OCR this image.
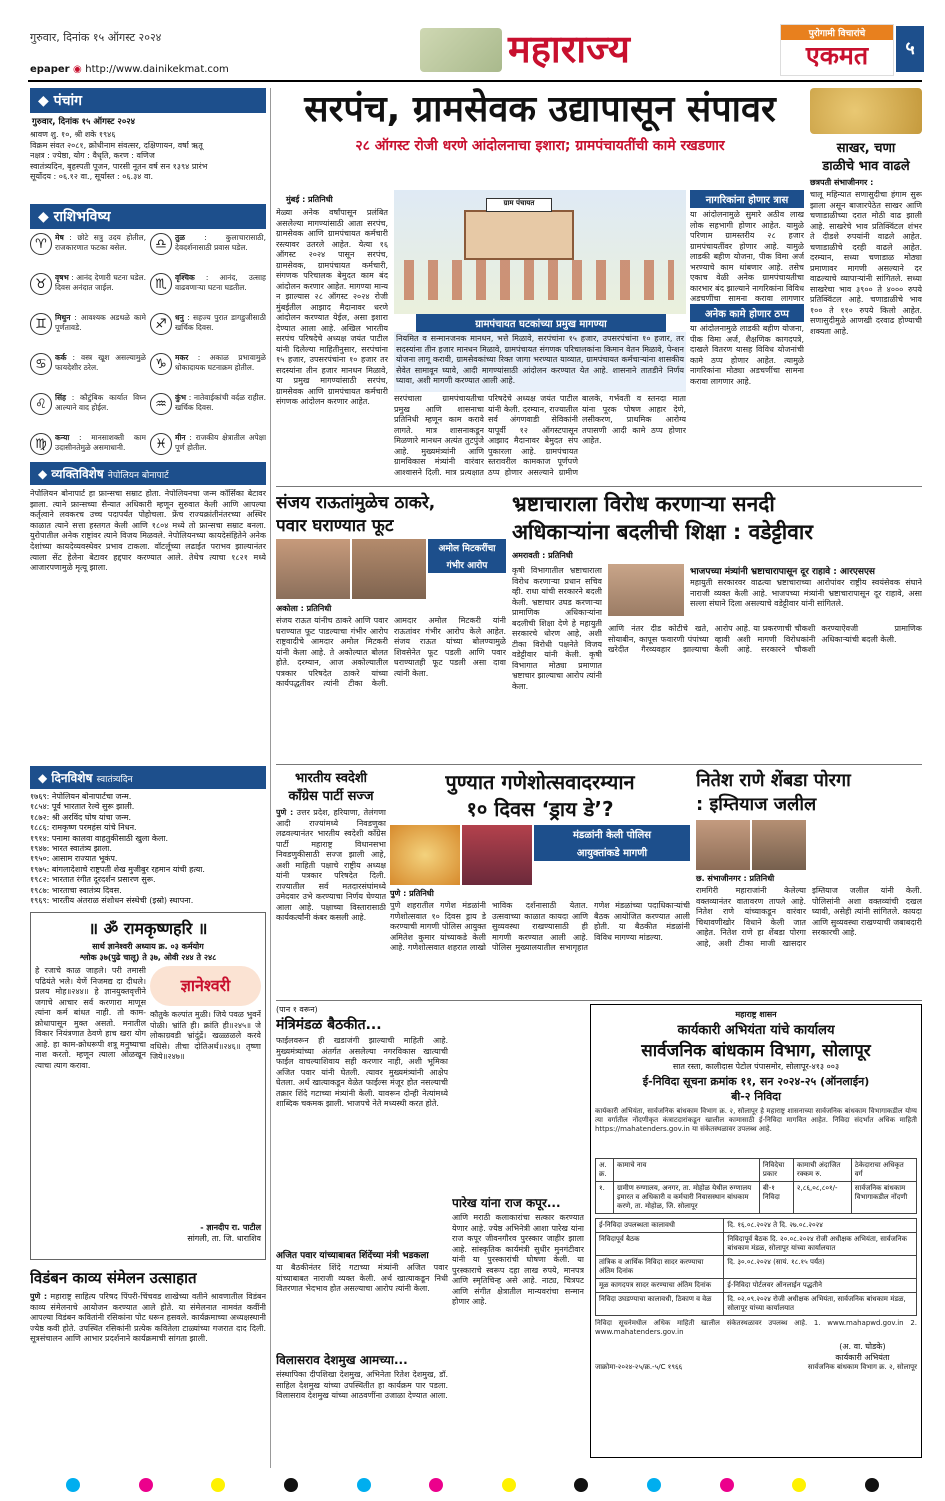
गुरुवार, दिनांक १५ ऑगस्ट २०२४
epaper ◉ http://www.dainikekmat.com	महाराज्य	पुरोगामी विचारांचे
एकमत	५
◆ पंचांग
गुरुवार, दिनांक १५ ऑगस्ट २०२४
श्रावण शु. १०, श्री शके १९४६
विक्रम संवत २०८१, क्रोधीनाम संवत्सर, दक्षिणायन, वर्षा ऋतू
नक्षत्र : ज्येष्ठा, योग : वैधृति, करण : वणिज
स्वातंत्र्यदिन, बृहस्पती पूजन, पारसी नूतन वर्ष सन १३९४ प्रारंभ
सूर्योदय : ०६.१२ वा., सूर्यास्त : ०६.३४ वा.
◆ राशिभविष्य
♈	मेष : छोटे सत्रु उदय होतील, राजकारणात फटका बसेल.	♎	तुळ : कुलाचारासाठी, देवदर्शनासाठी प्रवास घडेल.
♉	वृषभ : आनंद देणारी घटना घडेल. दिवस अनंदात जाईल.	♏	वृश्चिक : आनंद, उत्साह वाढवणाऱ्या घटना घडतील.
♊	मिथुन : आवश्यक अडथळे कामे पूर्णतावडे.	♐	धनु : सहज्य पुरात डागडुजीसाठी खर्चिक दिवस.
♋	कर्क : वस्त्र खूश असल्यामुळे फायदेशीर ठरेल.	♑	मकर : अकाळ प्रभावामुळे धोकादायक घटनाक्रम होतील.
♌	सिंह : कौटुंबिक कार्यात विघ्न आल्याने वाद होईल.	♒	कुंभ : नातेवाईकांची वर्दळ राहील. खर्चिक दिवस.
♍	कन्या : मानसाशक्ती काम उदासीनतेमुळे असमाधानी.	♓	मीन : राजकीय क्षेत्रातील अपेक्षा पूर्ण होतील.
◆ व्यक्तिविशेष नेपोलियन बोनापार्ट
नेपोलियन बोनापार्ट हा फ्रान्सचा सम्राट होता. नेपोलियनचा जन्म कॉर्सिका बेटावर झाला. त्याने फ्रान्सच्या सैन्यात अधिकारी म्हणून सुरुवात केली आणि आपल्या कर्तृत्वाने लवकरच उच्च पदापर्यंत पोहोचला. फ्रेंच राज्यक्रांतीनंतरच्या अस्थिर काळात त्याने सत्ता हस्तगत केली आणि १८०४ मध्ये तो फ्रान्सचा सम्राट बनला. युरोपातील अनेक राष्ट्रांवर त्याने विजय मिळवले. नेपोलियनच्या कायदेसंहितेने अनेक देशांच्या कायदेव्यवस्थेवर प्रभाव टाकला. वॉटर्लूच्या लढाईत पराभव झाल्यानंतर त्याला सेंट हेलेना बेटावर हद्दपार करण्यात आले. तेथेच त्याचा १८२१ मध्ये आजारपणामुळे मृत्यू झाला.
◆ दिनविशेष स्वातंत्र्यदिन
१७६९: नेपोलियन बोनापार्टचा जन्म.
१८५४: पूर्व भारतात रेल्वे सुरू झाली.
१८७२: श्री अरविंद घोष यांचा जन्म.
१८८६: रामकृष्ण परमहंस यांचे निधन.
१९१४: पनामा कालवा वाहतुकीसाठी खुला केला.
१९४७: भारत स्वातंत्र्य झाला.
१९५०: आसाम राज्यात भूकंप.
१९७५: बांगलादेशाचे राष्ट्रपती शेख मुजीबुर रहमान यांची हत्या.
१९८२: भारतात रंगीत दूरदर्शन प्रसारण सुरू.
१९८७: भारताचा स्वातंत्र्य दिवस.
१९६९: भारतीय अंतराळ संशोधन संस्थेची (इस्रो) स्थापना.
॥ ॐ रामकृष्णहरि ॥
सार्थ ज्ञानेश्वरी अध्याय क्र. ०३ कर्मयोग
श्लोक ३७(पुढे चालू) ते ३७, ओवी २४४ ते २४८
हे रजाचे काळ जाहले। परी तमासी पढियंते भले। येणें निजमद्य दा दीधले। प्रलय मोह॥२४४॥ हे ज्ञानयुक्तवृत्तीने जगाचे आचार सर्व करणारा माणूस त्यांना कर्म बांधत नाही. तो काम-क्रोधापासून मुक्त असतो. मनातील विकार नियंत्रणात ठेवणे हाच खरा योग आहे. हा काम-क्रोधरूपी शत्रू मनुष्याचा नाश करतो. म्हणून त्याला ओळखून त्याचा त्याग करावा.
ज्ञानेश्वरी
कौतुके कल्पांत मुळी। जिये पवळ भुवनें पोळी। भ्रांति ही। क्रांति ही॥२४५॥ जे लोकाग्रवडी भ्रांदुंद्रें। खळ्ळळले करवे वधिसे। तीचा दोतिअर्थ॥२४६॥ तृष्णा जिये॥२४७॥
- ज्ञानदीप रा. पाटील
सांगली, ता. जि. धाराशिव
विडंबन काव्य संमेलन उत्साहात
पुणे : महाराष्ट्र साहित्य परिषद पिंपरी-चिंचवड शाखेच्या वतीने श्रावणातील विडंबन काव्य संमेलनाचे आयोजन करण्यात आले होते. या संमेलनात नामवंत कवींनी आपल्या विडंबन कवितांनी रसिकांना पोट धरून हसवले. कार्यक्रमाच्या अध्यक्षस्थानी ज्येष्ठ कवी होते. उपस्थित रसिकांनी प्रत्येक कवितेला टाळ्यांच्या गजरात दाद दिली. सूत्रसंचालन आणि आभार प्रदर्शनाने कार्यक्रमाची सांगता झाली.
सरपंच, ग्रामसेवक उद्यापासून संपावर
२८ ऑगस्ट रोजी धरणे आंदोलनाचा इशारा; ग्रामपंचायतींची कामे रखडणार
मुंबई : प्रतिनिधी
मेळ्या अनेक वर्षांपासून प्रलंबित असलेल्या मागण्यांसाठी आता सरपंच, ग्रामसेवक आणि ग्रामपंचायत कर्मचारी रस्त्यावर उतरले आहेत. येत्या १६ ऑगस्ट २०२४ पासून सरपंच, ग्रामसेवक, ग्रामपंचायत कर्मचारी, संगणक परिचालक बेमुदत काम बंद आंदोलन करणार आहेत. मागण्या मान्य न झाल्यास २८ ऑगस्ट २०२४ रोजी मुंबईतील आझाद मैदानावर धरणे आंदोलन करण्यात येईल, असा इशारा देण्यात आला आहे. अखिल भारतीय सरपंच परिषदेचे अध्यक्ष जयंत पाटील यांनी दिलेल्या माहितीनुसार, सरपंचांना १५ हजार, उपसरपंचांना १० हजार तर सदस्यांना तीन हजार मानधन मिळावे, या प्रमुख मागण्यांसाठी सरपंच, ग्रामसेवक आणि ग्रामपंचायत कर्मचारी संगणक आंदोलन करणार आहेत.
ग्राम पंचायत
ग्रामपंचायत घटकांच्या प्रमुख मागण्या
नियमित व सन्मानजनक मानधन, भत्ते मिळावे, सरपंचांना १५ हजार, उपसरपंचांना १० हजार, तर सदस्यांना तीन हजार मानधन मिळावे, ग्रामपंचायत संगणक परिचालकांना किमान वेतन मिळावे, पेन्शन योजना लागू करावी, ग्रामसेवकांच्या रिक्त जागा भरण्यात याव्यात, ग्रामपंचायत कर्मचाऱ्यांना शासकीय सेवेत सामावून घ्यावे, आदी मागण्यांसाठी आंदोलन करण्यात येत आहे. शासनाने तातडीने निर्णय घ्यावा, अशी मागणी करण्यात आली आहे.
सरपंचाला ग्रामपंचायतीचा प्रमुख आणि शासनाचा प्रतिनिधी म्हणून काम करावे लागते. मात्र शासनाकडून मिळणारे मानधन अत्यंत तुटपुंजे आहे. मुख्यमंत्र्यांनी आणि ग्रामविकास मंत्र्यांनी वारंवार आश्वासने दिली. मात्र प्रत्यक्षात
परिषदेचे अध्यक्ष जयंत पाटील यांनी केली. दरम्यान, राज्यातील सर्व अंगणवाडी सेविकांनी यापूर्वी १२ ऑगस्टपासून आझाद मैदानावर बेमुदत संप पुकारला आहे. ग्रामपंचायत स्तरावरील कामकाज पूर्णपणे ठप्प होणार असल्याने ग्रामीण
बालके, गर्भवती व स्तनदा माता यांना पूरक पोषण आहार देणे, लसीकरण, प्राथमिक आरोग्य तपासणी आदी कामे ठप्प होणार आहेत.
नागरिकांना होणार त्रास
या आंदोलनामुळे सुमारे अठीव लाख लोक सहभागी होणार आहेत. यामुळे परिणाम ग्रामस्तरीय २८ हजार ग्रामपंचायतींवर होणार आहे. यामुळे लाडकी बहीण योजना, पीक विमा अर्ज भरण्याचे काम थांबणार आहे. तसेच एकाच वेळी अनेक ग्रामपंचायतीचा कारभार बंद झाल्याने नागरिकांना विविध अडचणींचा सामना करावा लागणार
अनेक कामे होणार ठप्प
या आंदोलनामुळे लाडकी बहीण योजना, पीक विमा अर्ज, शैक्षणिक कागदपत्रे, दाखले वितरण यासह विविध योजनांची कामे ठप्प होणार आहेत. त्यामुळे नागरिकांना मोठ्या अडचणींचा सामना करावा लागणार आहे.
साखर, चणा
डाळीचे भाव वाढले
छत्रपती संभाजीनगर :
चालू महिन्यात सणासुदीचा हंगाम सुरू झाला असून बाजारपेठेत साखर आणि चणाडाळीच्या दरात मोठी वाढ झाली आहे. साखरेचे भाव प्रतिक्विंटल शंभर ते दीडशे रुपयांनी वाढले आहेत. चणाडाळीचे दरही वाढले आहेत. दरम्यान, सध्या चणाडाळ मोठ्या प्रमाणावर मागणी असल्याने दर वाढल्याचे व्यापाऱ्यांनी सांगितले. सध्या साखरेचा भाव ३९०० ते ४००० रुपये प्रतिक्विंटल आहे. चणाडाळीचे भाव १०० ते ११० रुपये किलो आहेत. सणासुदीमुळे आणखी दरवाढ होण्याची शक्यता आहे.
संजय राऊतांमुळेच ठाकरे,
पवार घराण्यात फूट
अमोल मिटकरींचा
गंभीर आरोप
अकोला : प्रतिनिधी
संजय राऊत यांनीच ठाकरे आणि पवार घराण्यात फूट पाडल्याचा गंभीर आरोप राष्ट्रवादीचे आमदार अमोल मिटकरी यांनी केला आहे. ते अकोल्यात बोलत होते. दरम्यान, आज अकोल्यातील पत्रकार परिषदेत ठाकरे यांच्या कार्यपद्धतीवर त्यांनी टीका केली. आमदार अमोल मिटकरी यांनी राऊतांवर गंभीर आरोप केले आहेत. संजय राऊत यांच्या बोलण्यामुळे शिवसेनेत फूट पडली आणि पवार घराण्यातही फूट पडली असा दावा त्यांनी केला.
भ्रष्टाचाराला विरोध करणाऱ्या सनदी
अधिकाऱ्यांना बदलीची शिक्षा : वडेट्टीवार
अमरावती : प्रतिनिधी
कृषी विभागातील भ्रष्टाचाराला विरोध करणाऱ्या प्रधान सचिव व्ही. राधा यांची सरकारने बदली केली. भ्रष्टाचार उघड करणाऱ्या प्रामाणिक अधिकाऱ्यांना बदलीची शिक्षा देणे हे महायुती सरकारचे धोरण आहे, अशी टीका विरोधी पक्षनेते विजय वडेट्टीवार यांनी केली. कृषी विभागात मोठ्या प्रमाणात भ्रष्टाचार झाल्याचा आरोप त्यांनी केला.
भाजपच्या मंत्र्यांनी भ्रष्टाचारापासून दूर राहावे : आरएसएस
महायुती सरकारवर वाढत्या भ्रष्टाचाराच्या आरोपांवर राष्ट्रीय स्वयंसेवक संघाने नाराजी व्यक्त केली आहे. भाजपच्या मंत्र्यांनी भ्रष्टाचारापासून दूर राहावे, असा सल्ला संघाने दिला असल्याचे वडेट्टीवार यांनी सांगितले.
आणि नंतर दीड कोटीचे खते, सोयाबीन, कापूस फवारणी पंपांच्या खरेदीत गैरव्यवहार झाल्याचा आरोप आहे. या प्रकरणाची चौकशी व्हावी अशी मागणी विरोधकांनी केली आहे. सरकारने चौकशी करण्याऐवजी प्रामाणिक अधिकाऱ्यांची बदली केली.
भारतीय स्वदेशी
काँग्रेस पार्टी सज्ज
पुणे : उत्तर प्रदेश, हरियाणा, तेलंगणा आदी राज्यांमध्ये निवडणुका लढवल्यानंतर भारतीय स्वदेशी काँग्रेस पार्टी महाराष्ट्र विधानसभा निवडणुकीसाठी सज्ज झाली आहे, अशी माहिती पक्षाचे राष्ट्रीय अध्यक्ष यांनी पत्रकार परिषदेत दिली. राज्यातील सर्व मतदारसंघांमध्ये उमेदवार उभे करण्याचा निर्णय घेण्यात आला आहे. पक्षाच्या विस्तारासाठी कार्यकर्त्यांनी कंबर कसली आहे.
पुण्यात गणेशोत्सवादरम्यान
१० दिवस ‘ड्राय डे’?
मंडळांनी केली पोलिस
आयुक्तांकडे मागणी
पुणे : प्रतिनिधी
पुणे शहरातील गणेश मंडळांनी गणेशोत्सवात १० दिवस ड्राय डे करण्याची मागणी पोलिस आयुक्त अमितेश कुमार यांच्याकडे केली आहे. गणेशोत्सवात शहरात लाखो भाविक दर्शनासाठी येतात. उत्सवाच्या काळात कायदा आणि सुव्यवस्था राखण्यासाठी ही मागणी करण्यात आली आहे. पोलिस मुख्यालयातील सभागृहात गणेश मंडळांच्या पदाधिकाऱ्यांची बैठक आयोजित करण्यात आली होती. या बैठकीत मंडळांनी विविध मागण्या मांडल्या.
नितेश राणे शेंबडा पोरगा
: इम्तियाज जलील
छ. संभाजीनगर : प्रतिनिधी
रामगिरी महाराजांनी केलेल्या वक्तव्यानंतर वातावरण तापले आहे. नितेश राणे यांच्याकडून वारंवार चिथावणीखोर विधाने केली जात आहेत. नितेश राणे हा शेंबडा पोरगा आहे, अशी टीका माजी खासदार इम्तियाज जलील यांनी केली. पोलिसांनी अशा वक्तव्यांची दखल घ्यावी, असेही त्यांनी सांगितले. कायदा आणि सुव्यवस्था राखण्याची जबाबदारी सरकारची आहे.
(पान १ वरून)
मंत्रिमंडळ बैठकीत...
फाईलवरून ही खडाजंगी झाल्याची माहिती आहे. मुख्यमंत्र्यांच्या अंतर्गत असलेल्या नगरविकास खात्याची फाईल वाचल्याशिवाय सही करणार नाही, अशी भूमिका अजित पवार यांनी घेतली. त्यावर मुख्यमंत्र्यांनी आक्षेप घेतला. अर्थ खात्याकडून वेळेत फाईल्स मंजूर होत नसल्याची तक्रार शिंदे गटाच्या मंत्र्यांनी केली. यावरून दोन्ही नेत्यांमध्ये शाब्दिक चकमक झाली. भाजपचे नेते मध्यस्थी करत होते.
अजित पवार यांच्याबाबत शिंदेंच्या मंत्री भडकला
या बैठकीनंतर शिंदे गटाच्या मंत्र्यांनी अजित पवार यांच्याबाबत नाराजी व्यक्त केली. अर्थ खात्याकडून निधी वितरणात भेदभाव होत असल्याचा आरोप त्यांनी केला.
विलासराव देशमुख आमच्या...
संस्थापिका दीपशिखा देशमुख, अभिनेता रितेश देशमुख, डॉ. साहिल देशमुख यांच्या उपस्थितीत हा कार्यक्रम पार पडला. विलासराव देशमुख यांच्या आठवणींना उजाळा देण्यात आला.
पारेख यांना राज कपूर...
आणि मराठी कलाकारांचा सत्कार करण्यात येणार आहे. ज्येष्ठ अभिनेत्री आशा पारेख यांना राज कपूर जीवनगौरव पुरस्कार जाहीर झाला आहे. सांस्कृतिक कार्यमंत्री सुधीर मुनगंटीवार यांनी या पुरस्कारांची घोषणा केली. या पुरस्काराचे स्वरूप दहा लाख रुपये, मानपत्र आणि स्मृतिचिन्ह असे आहे. नाट्य, चित्रपट आणि संगीत क्षेत्रातील मान्यवरांचा सन्मान होणार आहे.
महाराष्ट्र शासन
कार्यकारी अभियंता यांचे कार्यालय
सार्वजनिक बांधकाम विभाग, सोलापूर
सात रस्ता, कालीदास पेटोल पंपासमोर, सोलापूर-४१३ ००३
ई-निविदा सूचना क्रमांक ११, सन २०२४-२५ (ऑनलाईन)
बी-२ निविदा
कार्यकारी अभियंता, सार्वजनिक बांधकाम विभाग क्र. २, सोलापूर हे महाराष्ट्र शासनाच्या सार्वजनिक बांधकाम विभागाकडील योग्य त्या वर्गातील नोंदणीकृत कंत्राटदारांकडून खालील कामासाठी ई-निविदा मागवित आहेत. निविदा संदर्भात अधिक माहिती https://mahatenders.gov.in या संकेतस्थळावर उपलब्ध आहे.
अ. क्र.	कामाचे नाव	निविदेचा प्रकार	कामाची अंदाजित रक्कम रु.	ठेकेदाराचा अधिकृत वर्ग
१.	ग्रामीण रुग्णालय, अनगर, ता. मोहोळ येथील रुग्णालय इमारत व अधिकारी व कर्मचारी निवासस्थान बांधकाम करणे, ता. मोहोळ, जि. सोलापूर	बी-१ निविदा	२,८६,०८,८०१/-	सार्वजनिक बांधकाम विभागाकडील नोंदणी
ई-निविदा उपलब्धता कालावधी	दि. १६.०८.२०२४ ते दि. २७.०८.२०२४
निविदापूर्व बैठक	निविदापूर्व बैठक दि. २०.०८.२०२४ रोजी अधीक्षक अभियंता, सार्वजनिक बांधकाम मंडळ, सोलापूर यांच्या कार्यालयात
तांत्रिक व आर्थिक निविदा सादर करण्याचा अंतिम दिनांक	दि. ३०.०८.२०२४ (सायं. १८.१५ पर्यंत)
मूळ कागदपत्र सादर करण्याचा अंतिम दिनांक	ई-निविदा पोर्टलवर ऑनलाईन पद्धतीने
निविदा उघडण्याचा कालावधी, ठिकाण व वेळ	दि. ०२.०९.२०२४ रोजी अधीक्षक अभियंता, सार्वजनिक बांधकाम मंडळ, सोलापूर यांच्या कार्यालयात
निविदा सूचनेमधील अधिक माहिती खालील संकेतस्थळावर उपलब्ध आहे. 1. www.mahapwd.gov.in 2. www.mahatenders.gov.in
जाक्रोमा-२०२४-२५/क्र.-५/C १९६६
(अ. वा. घोडके)
कार्यकारी अभियंता
सार्वजनिक बांधकाम विभाग क्र. २, सोलापूर
